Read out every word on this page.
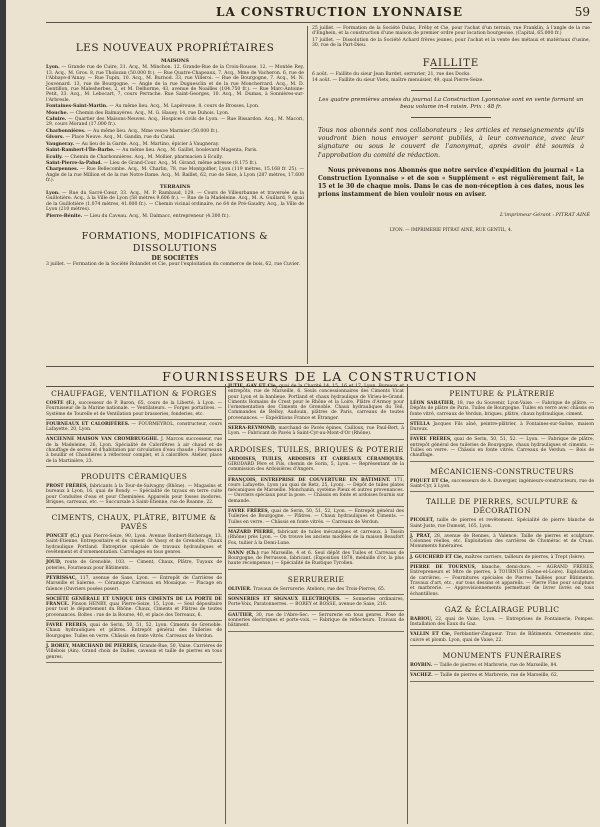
LA CONSTRUCTION LYONNAISE	59
LES NOUVEAUX PROPRIÉTAIRES
MAISONS

Lyon. — Grande rue de Cuire, 31. Acq., M. Minchon. 12. Grande-Rue de la Croix-Rousse, 12. — Montée Rey, 13. Acq., M. Gros. 8, rue Tholozan (50.000 fr.). — Rue Quatre-Chapeaux, 7. Acq., Mme de Vacheron. 6, rue de l'Abbaye-d'Ainay. — Rue Tupin, 10. Acq., M. Burnod. 33, rue Villeroi. — Rue de Bourgogne, 7. Acq., M. N. Jouvenard. 13, rue de Bourgogne. — Angle de la rue Duguesclin et de la rue Moncherrard. Acq., M. D. Gentillon, rue Malesherbes, 2, et M. Delhorme, 43, avenue de Noailles (104.750 fr.). — Rue Marc-Antoine-Petit, 33. Acq., M. Lebocart, 7, cours Perrache. Rue Saint-Georges, 10. Acq., M. Dumas, à Sonnières-sur-l'Arbresle.

Fontaines-Saint-Martin. — Au même lieu. Acq., M. Lapérouse, 8, cours de Brosses, Lyon.

Mouche. — Chemin des Balmayères. Acq., M. G. Hauey, 14, rue Duhois. Lyon.

Caluire. — Quartier des Maisons-Neuves. Acq., Hospices civils de Lyon. — Rue Bissardon. Acq., M. Macori, 29, cours Morand (17.000 fr.).

Charbonnières. — Au même lieu. Acq., Mme veuve Marmier (50.000 fr.).

Givors. — Place Neuve. Acq., M. Gandin, rue du Canal.

Vaugneray. — Au lieu de la Garde. Acq., M. Martino, épicier à Vaugneray.

Saint-Rambert-l'Île-Barbe. — Au même lieu. Acq., M. Gaillet, boulevard Magenta, Paris.

Ecully. — Chemin de Charbonnières. Acq., M. Mollier, pharmacien à Ecully.

Saint-Pierre-la-Palud. — Lieu de Grand-Cour. Acq., M. Girand, même adresse (8.175 fr.).

Charpennes. — Rue Bellecombe. Acq., M. Charlin, 78, rue Montgolfier, Lyon (119 mètres, 15.168 fr. 25). — Angle de la rue Million et de la rue Notre-Dame. Acq., M. Baillet, 62, rue de Sèze, à Lyon (287 mètres, 17.600 fr.).

TERRAINS

Lyon. — Rue du Sacré-Cœur, 33. Acq., M. P. Rambaud, 129. — Cours de Villeurbanne et traversée de la Guillotière. Acq., à la Ville de Lyon (58 mètres 9.606 fr.). — Rue de la Madeleine. Acq., M. A. Guillard, 9, quai de la Guillotière (1.074 mètres, 41.000 fr.). — Chemin vicinal ordinaire, no 64 de Pré-Gaudry. Acq., la Ville de Lyon (210 mètres).

Pierre-Bénite. — Lieu du Caveau. Acq., M. Dalmacc, entrepreneur (4.300 fr.).

FORMATIONS, MODIFICATIONS & DISSOLUTIONS
DE SOCIÉTÉS

3 juillet. — Formation de la Société Rolandet et Cie, pour l'exploitation du commerce de bois, 62, rue Cuvier.

25 juillet. — Formation de la Société Dulac, Frêby et Cie, pour l'achat d'un terrain, rue Franklin, à l'angle de la rue d'Enghein, et la construction d'une maison de premier ordre pour location bourgeoise. (Capital, 65.000 fr.)

17 juillet. — Dissolution de la Société Achard frères jeunes, pour l'achat et la vente des métaux et matériaux d'usine, 30, rue de la Part-Dieu.

FAILLITE

6 août. — Faillite du sieur Jean Bardet, serrurier, 21, rue des Docks.

14 août. — Faillite du sieur Viets, maître menuisier, 49, quai Pierre-Seize.

Les quatre premières années du journal La Construction Lyonnaise sont en vente formant un beau volume in-4 raisin. Prix : 48 fr.
Tous nos abonnés sont nos collaborateurs ; les articles et renseignements qu'ils voudront bien nous envoyer seront publiés, à leur convenance, avec leur signature ou sous le couvert de l'anonymat, après avoir été soumis à l'approbation du comité de rédaction.
Nous prévenons nos Abonnés que notre service d'expédition du journal « La Construction Lyonnaise » et de son « Supplément » est régulièrement fait, le 15 et le 30 de chaque mois. Dans le cas de non-réception à ces dates, nous les prions instamment de bien vouloir nous en aviser.
L'imprimeur-Gérant : PITRAT AINÉ
LYON. — IMPRIMERIE PITRAT AINÉ, RUE GENTIL, 4.
FOURNISSEURS DE LA CONSTRUCTION
CHAUFFAGE, VENTILATION & FORGES

COSTE (F.), successeur de P. Baron, 65, cours de la Liberté, à Lyon. — Fournisseur de la Marine nationale. — Ventilateurs. — Forges portatives. — Système de Tourelle et de Ventilation pour brasseries, fonderies, etc.

FOURNEAUX ET CALORIFÈRES. — FOURMEYROL, constructeur, cours Lafayette, 20, Lyon.

ANCIENNE MAISON VAN CROMBRUGGHE. J. Marcou successeur, rue de la Madeleine, 26, Lyon. Spécialité de Calorifères à air chaud et de chauffage de serres et d'habitation par circulation d'eau chaude ; Fourneaux à bouillir et Chaudières à réflecteur complet, et à calorifère. Atelier, place de la Martinière, 23.

PRODUITS CÉRAMIQUES

PROST FRÈRES, fabricants à la Tour-de-Salvagny (Rhône). — Magasins et bureaux à Lyon, 16, quai de Bondy. — Spécialité de tuyaux en terre cuite pour Conduites d'eau et pour Cheminées. Appareils pour fosses inodores. Briques, carreaux, etc. — Succursale à Saint-Étienne, rue de Roanne, 22.

CIMENTS, CHAUX, PLÂTRE, BITUME & PAVÉS

PONCET (C.) quai Pierre-Seize, 90, Lyon. Avenue Bonbert-Richerage, 13, Saint-Etienne. Entrepositaire et du ciment de Vassy et de Grenoble, Chaux hydraulique Portland. Entreprise spéciale de travaux hydrauliques et revêtement et d'ornementation. Carrelages en tous genres.

JOUD, route de Grenoble, 103. — Ciment, Chaux, Plâtre, Tuyaux de poteries, Fourneaux pour Bâtiments.

PEYRISSAC, 117, avenue de Saxe, Lyon. — Entrepôt de Carrières de Marseille et Salerne. — Céramique Carreaux en Mosaïque. — Placage en faïence (Ouvriers posées poser).

SOCIÉTÉ GÉNÉRALE ET UNIQUE DES CIMENTS DE LA PORTE DE FRANCE. Pinson HENRY, quai Pierre-Seize, 15, Lyon. — Seul dépositaire pour tout le département du Rhône. Chaux, Ciments et Plâtres de toutes provenances. Boîtes : rue de la Bourse, 40, et place des Terreaux, 6.

FAVRE FRÈRES, quai de Serin, 50, 51, 52, Lyon. Ciments de Grenoble. Chaux hydrauliques et plâtres. Entrepôt général des Tuileries de Bourgogne. Tuiles en verre. Châssis en fonte vitrés. Carreaux de Verdun.

J. BOREY, MARCHAND DE PIERRES, Grande-Rue, 50, Vaise. Carrières de Villebois (Ain). Grand choix de Dalles, caveaux et taille de pierres en tous genres.

JUTIE, GAY ET Cie, quai de la Charité 14, 15, 16 et 17, Lyon. Bureaux et entrepôts, rue de Marseille, 6. Seuls concessionnaires des Ciments Vicat pour Lyon et la banlieue. Portland et chaux hydraulique de Virieu-le-Grand. Ciments Romains de Crest pour le Rhône et la Loire. Plâtre d'Armoy pour l'ornementation des Ciments de Grenoble. Chaux hydrauliques du Teil, Commandes de Belloy, Audouin, plâtres de Paris, carreaux de toutes provenances. — Expéditions France et Étranger.

SERRA-REYMOND, marchand de Pavés épines, Cailloux, rue Paul-Bert, à Lyon. — Fabricant de Pavés à Saint-Cyr-au-Mont-d'Or (Rhône).

ARDOISES, TUILES, BRIQUES & POTERIE

ARDOISES, TUILES, ARDOISES ET CARREAUX CÉRAMIQUES. GIRODARD Père et Fils, chemin de Sorin, 5, Lyon. — Représentant de la commission des Ardoisières d'Angers.

FRANÇOIS, ENTREPRISE DE COUVERTURE EN BÂTIMENT. 171, cours Lafayette, Lyon (au quai de Retz, 25, Lyon). — Dépôt de tuiles plates mécaniques de Marseille. Monchanin, système Pieux et autres provenances. — Ouvriers spéciaux pour la pose. — Châssis en fonte et ardoises fournis sur demande.

FAVRE FRÈRES, quai de Serin, 50, 51, 52, Lyon. — Entrepôt général des Tuileries de Bourgogne. — Plâtres. — Chaux hydrauliques et Ciments. — Tuiles en verre. — Châssis en fonte vitrés. — Carreaux de Verdun.

MAZARD PIERRE, fabricant de tuiles mécaniques et carreaux, à Tassin (Rhône) près Lyon. — On trouve les anciens modèles de la maison Beaufort Fox, tuilier à la Demi-Lune.

NANN (Ch.) rue Marseille, 4 et 6. Seul dépôt des Tuiles et Carreaux de Bourgogne, de Perrusson, fabricant. (Exposition 1878, médaille d'or, la plus haute récompense.) — Spécialité de Rustique Tyrolien.

SERRURERIE

OLIVIER. Travaux de Serrurerie. Ateliers, rue des Trois-Pierres, 65.

SONNERIES ET SIGNAUX ELECTRIQUES. — Sonneries ordinaires, Porte-Voix, Paratonnerres. — BOREY et BOSSE, avenue de Saxe, 216.

GAUTIER, 30, rue de l'Abre-Sec. — Serrurerie en tous genres. Pose de sonneries électriques et porte-voix. — Fabrique de réflecteurs. Travaux de bâtiment.

PEINTURE & PLÂTRERIE

LÉON SABATIER, 18, rue du Souvenir, Lyon-Vaise. — Fabrique de plâtre. — Dépôts de plâtre de Paris. Tuiles de Bourgogne. Tuiles en verre avec châssis en fonte vitré, carreaux de Verdun, briques, plâtre, chaux hydraulique, ciment.

STELLA Jacques Fils aîné, peintre-plâtrier, à Fontaines-sur-Saône, maison Duroux.

FAVRE FRÈRES, quai de Serin, 50, 51, 52. — Lyon. — Fabrique de plâtre, entrepôt général des tuileries de Bourgogne, chaux hydrauliques et ciments. — Tuiles en verre. — Châssis en fonte vitrés. Carreaux de Verdun. — Bois de chauffage.

MÉCANICIENS-CONSTRUCTEURS

PIQUET ET Cie, successeurs de A. Duvergier, ingénieurs-constructeurs, rue de Saint-Cyr, à Lyon.

TAILLE DE PIERRES, SCULPTURE & DÉCORATION

PICOLET, taille de pierres et revêtement. Spécialité de pierre blanche de Saint-Juste, rue Dumont, 165, Lyon.

J. PRAT, 28, avenue de Rennes, à Valence. Taille de pierres et sculpture. Colonnes réelles, etc. Exploitation des carrières de Chomérac et de Cruas. Monuments funéraires.

J. GUICHERD ET Cie, maîtres carriers, tailleurs de pierres, à Trept (Isère).

PIERRE DE TOURNUS, blanche, demi-dure. — AGRAND FRÈRES, Entrepreneurs et Mtre de pierres, à TOURNUS (Saône-et-Loire). Exploitation de carrières. — Fournitures spéciales de Pierres Taillées pour Bâtiments. Travaux d'art, etc., sur tous dessins et appareils. — Pierre Fine pour sculpture et marbrerie. — Approvisionnements permettant de livrer livrés en tous échantillons.

GAZ & ÉCLAIRAGE PUBLIC

BABIOU, 22, quai de Vaise, Lyon. — Entreprises de Fontainerie, Pompes. Installation des Eaux du Gaz.

VALLIN ET Cie, Ferblantier-Zingueur. Trav. de Bâtiments. Ornements zinc, cuivre et plomb. Lyon, quai de Vaise, 22.

MONUMENTS FUNÉRAIRES

ROYBIN. — Taille de pierres et Marbrerie, rue de Marseille, 84.

VACHEZ. — Taille de pierres et Marbrerie, rue de Marseille, 62.
